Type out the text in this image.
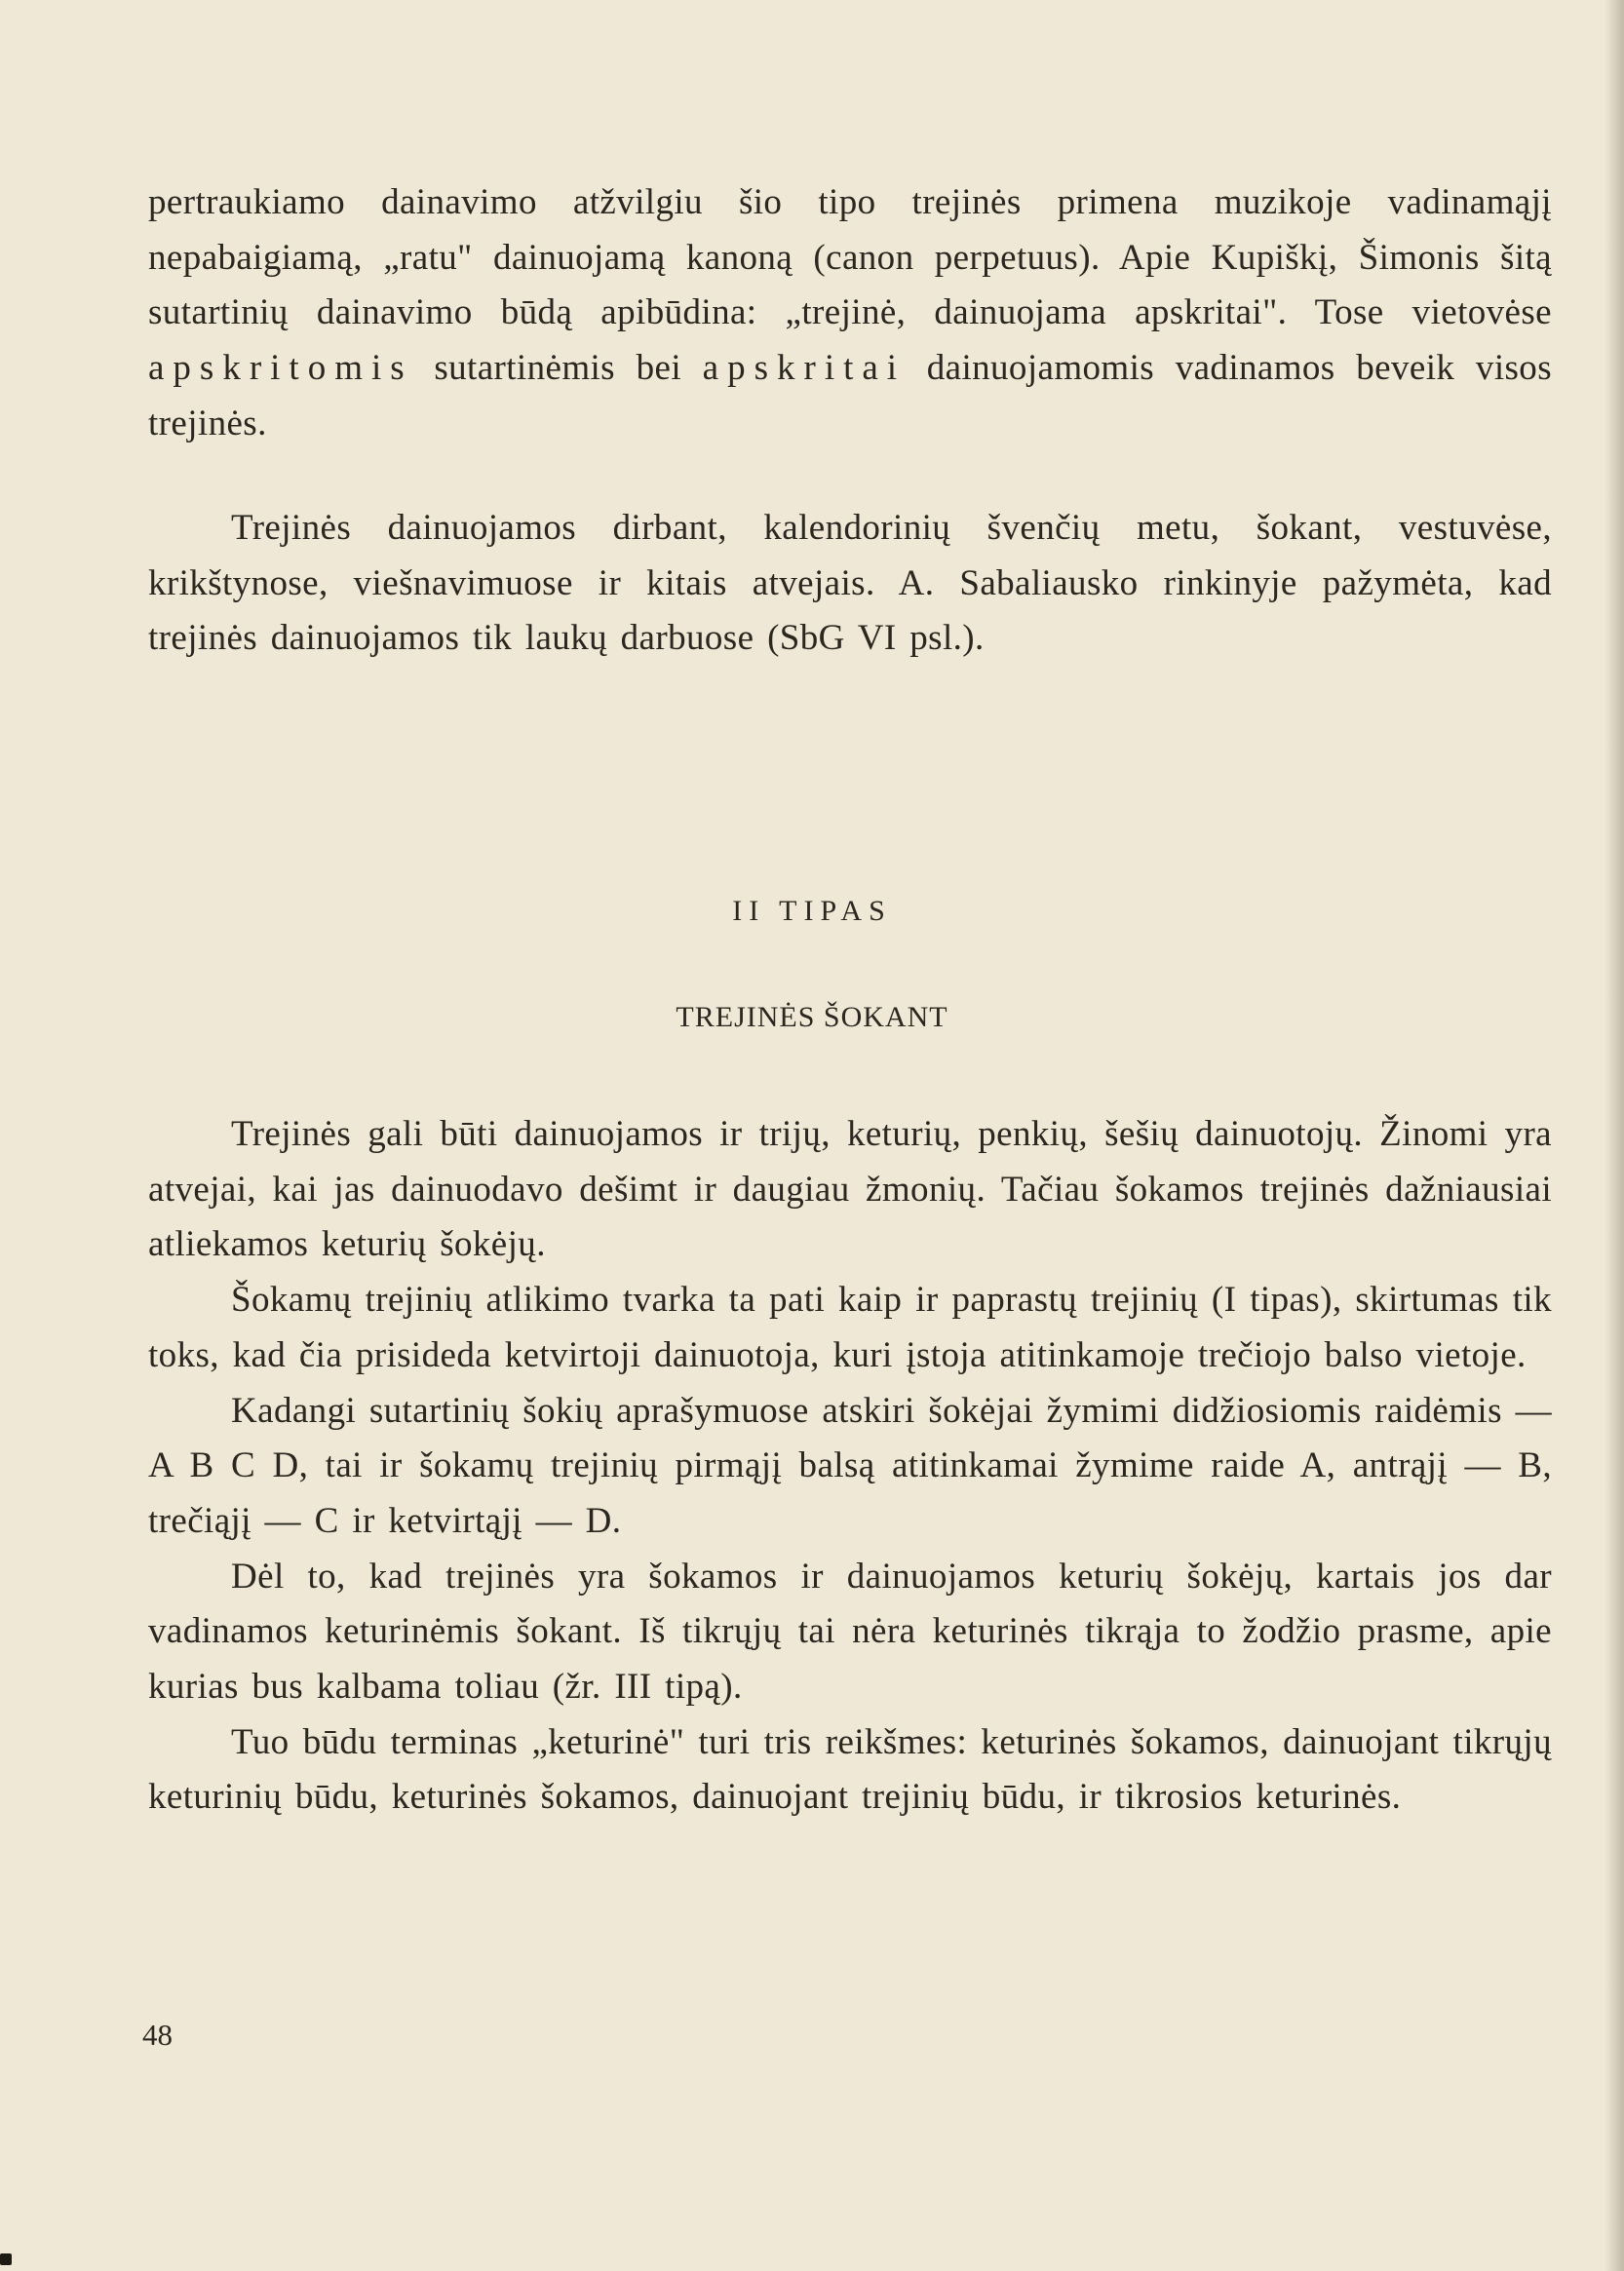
pertraukiamo dainavimo atžvilgiu šio tipo trejinės primena muzikoje vadinamąjį nepabaigiamą, „ratu" dainuojamą kanoną (canon perpetuus). Apie Kupiškį, Šimonis šitą sutartinių dainavimo būdą apibūdina: „trejinė, dainuojama apskritai". Tose vietovėse apskritomis sutartinėmis bei apskritai dainuojamomis vadinamos beveik visos trejinės.

Trejinės dainuojamos dirbant, kalendorinių švenčių metu, šokant, vestuvėse, krikštynose, viešnavimuose ir kitais atvejais. A. Sabaliausko rinkinyje pažymėta, kad trejinės dainuojamos tik laukų darbuose (SbG VI psl.).

II TIPAS
TREJINĖS ŠOKANT

Trejinės gali būti dainuojamos ir trijų, keturių, penkių, šešių dainuotojų. Žinomi yra atvejai, kai jas dainuodavo dešimt ir daugiau žmonių. Tačiau šokamos trejinės dažniausiai atliekamos keturių šokėjų.

Šokamų trejinių atlikimo tvarka ta pati kaip ir paprastų trejinių (I tipas), skirtumas tik toks, kad čia prisideda ketvirtoji dainuotoja, kuri įstoja atitinkamoje trečiojo balso vietoje.

Kadangi sutartinių šokių aprašymuose atskiri šokėjai žymimi didžiosiomis raidėmis — A B C D, tai ir šokamų trejinių pirmąjį balsą atitinkamai žymime raide A, antrąjį — B, trečiąjį — C ir ketvirtąjį — D.

Dėl to, kad trejinės yra šokamos ir dainuojamos keturių šokėjų, kartais jos dar vadinamos keturinėmis šokant. Iš tikrųjų tai nėra keturinės tikrąja to žodžio prasme, apie kurias bus kalbama toliau (žr. III tipą).

Tuo būdu terminas „keturinė" turi tris reikšmes: keturinės šokamos, dainuojant tikrųjų keturinių būdu, keturinės šokamos, dainuojant trejinių būdu, ir tikrosios keturinės.

48
